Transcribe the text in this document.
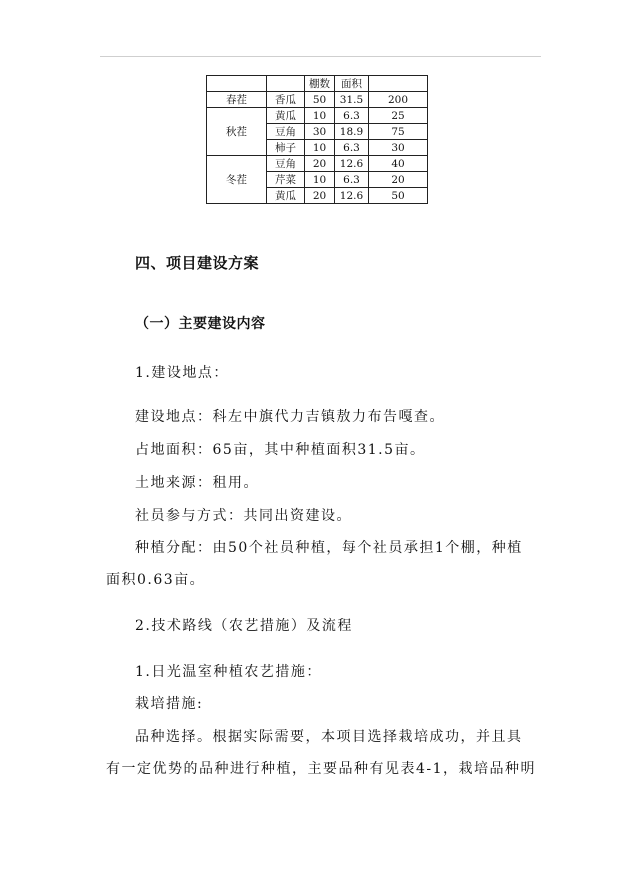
		棚数	面积	
春茬	香瓜	50	31.5	200
秋茬	黄瓜	10	6.3	25
	豆角	30	18.9	75
	柿子	10	6.3	30
冬茬	豆角	20	12.6	40
	芹菜	10	6.3	20
	黄瓜	20	12.6	50
四、项目建设方案
（一）主要建设内容
1.建设地点：
建设地点：科左中旗代力吉镇敖力布告嘎查。
占地面积：65亩，其中种植面积31.5亩。
土地来源：租用。
社员参与方式：共同出资建设。
种植分配：由50个社员种植，每个社员承担1个棚，种植
面积0.63亩。
2.技术路线（农艺措施）及流程
1.日光温室种植农艺措施：
栽培措施:
品种选择。根据实际需要，本项目选择栽培成功，并且具
有一定优势的品种进行种植，主要品种有见表4-1，栽培品种明
